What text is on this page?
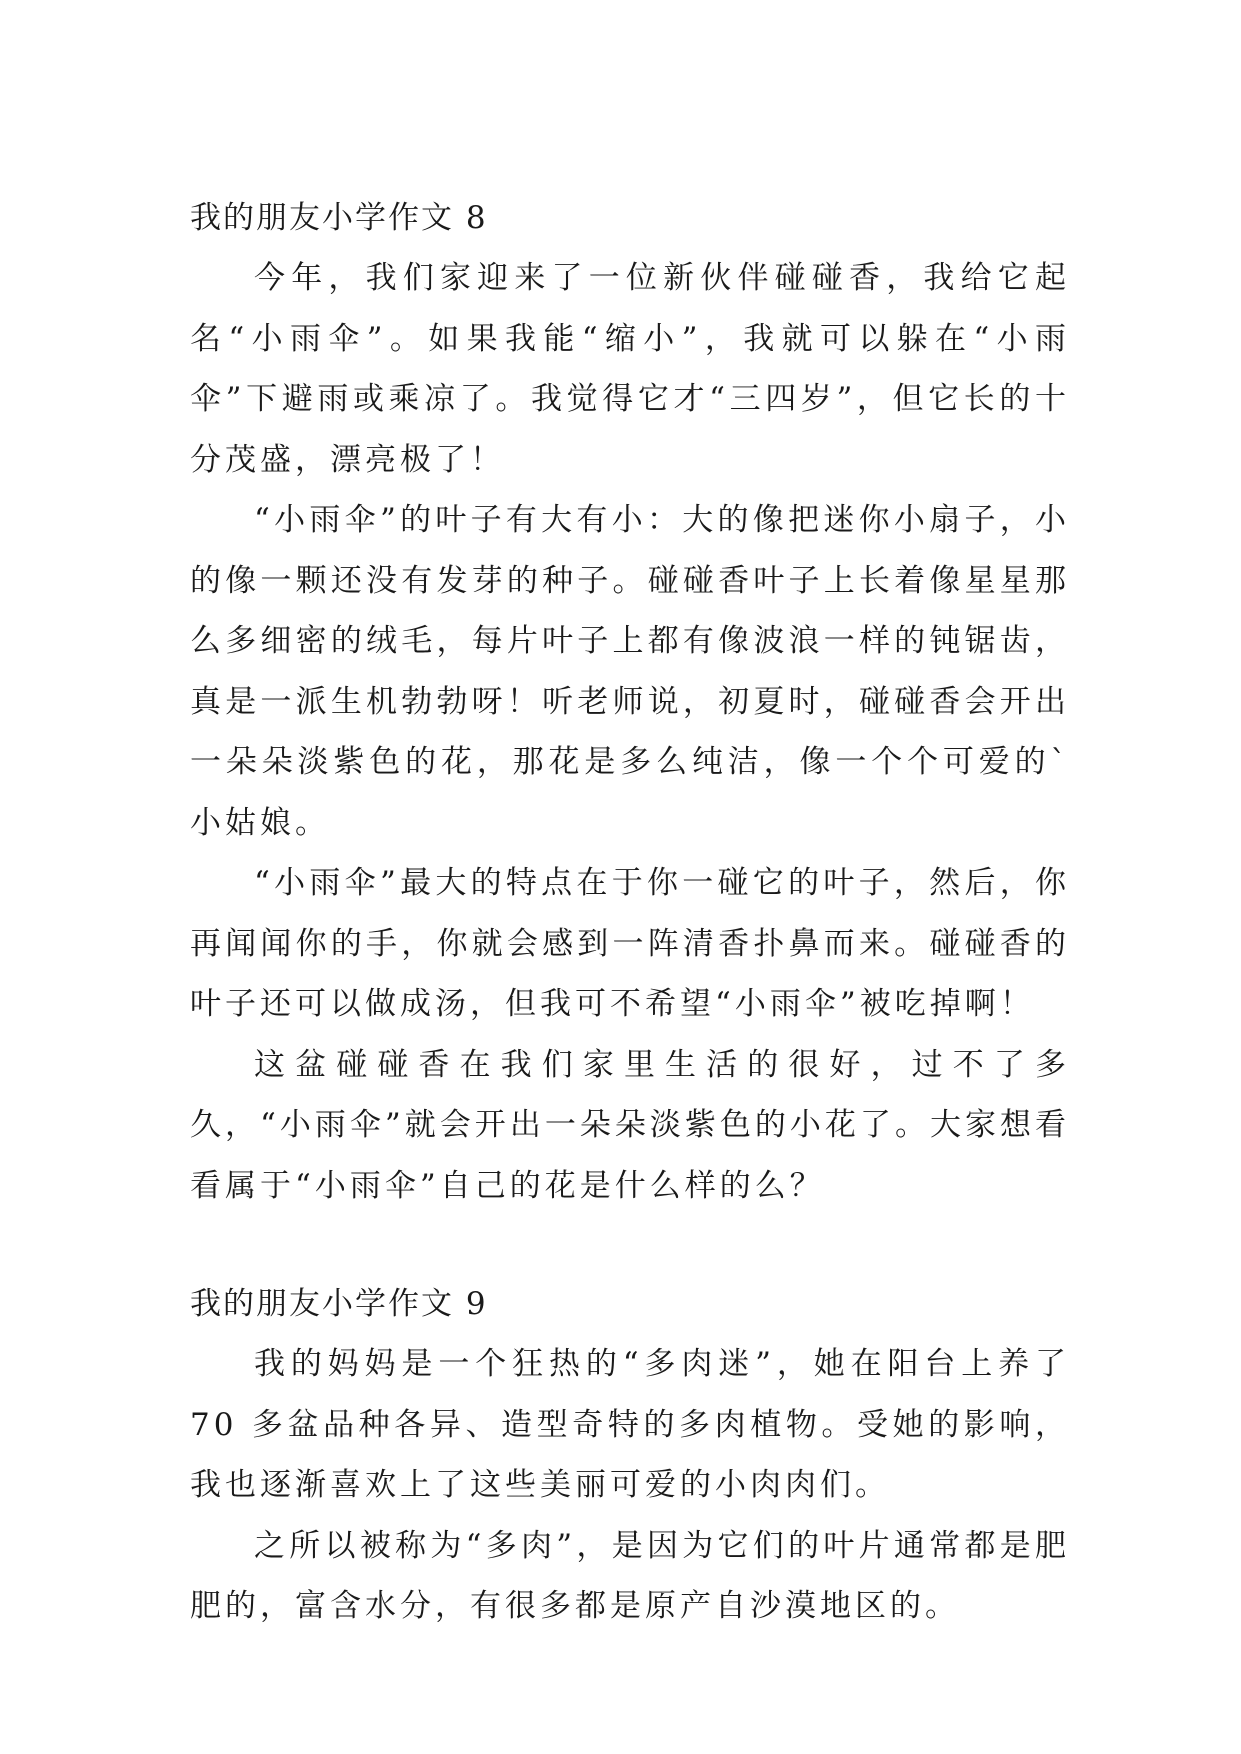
我的朋友小学作文 8

今年，我们家迎来了一位新伙伴碰碰香，我给它起名“小雨伞”。如果我能“缩小”，我就可以躲在“小雨伞”下避雨或乘凉了。我觉得它才“三四岁”，但它长的十分茂盛，漂亮极了！

“小雨伞”的叶子有大有小：大的像把迷你小扇子，小的像一颗还没有发芽的种子。碰碰香叶子上长着像星星那么多细密的绒毛，每片叶子上都有像波浪一样的钝锯齿，真是一派生机勃勃呀！听老师说，初夏时，碰碰香会开出一朵朵淡紫色的花，那花是多么纯洁，像一个个可爱的`小姑娘。

“小雨伞”最大的特点在于你一碰它的叶子，然后，你再闻闻你的手，你就会感到一阵清香扑鼻而来。碰碰香的叶子还可以做成汤，但我可不希望“小雨伞”被吃掉啊！

这盆碰碰香在我们家里生活的很好，过不了多久，“小雨伞”就会开出一朵朵淡紫色的小花了。大家想看看属于“小雨伞”自己的花是什么样的么？

我的朋友小学作文 9

我的妈妈是一个狂热的“多肉迷”，她在阳台上养了 70 多盆品种各异、造型奇特的多肉植物。受她的影响，我也逐渐喜欢上了这些美丽可爱的小肉肉们。

之所以被称为“多肉”，是因为它们的叶片通常都是肥肥的，富含水分，有很多都是原产自沙漠地区的。
